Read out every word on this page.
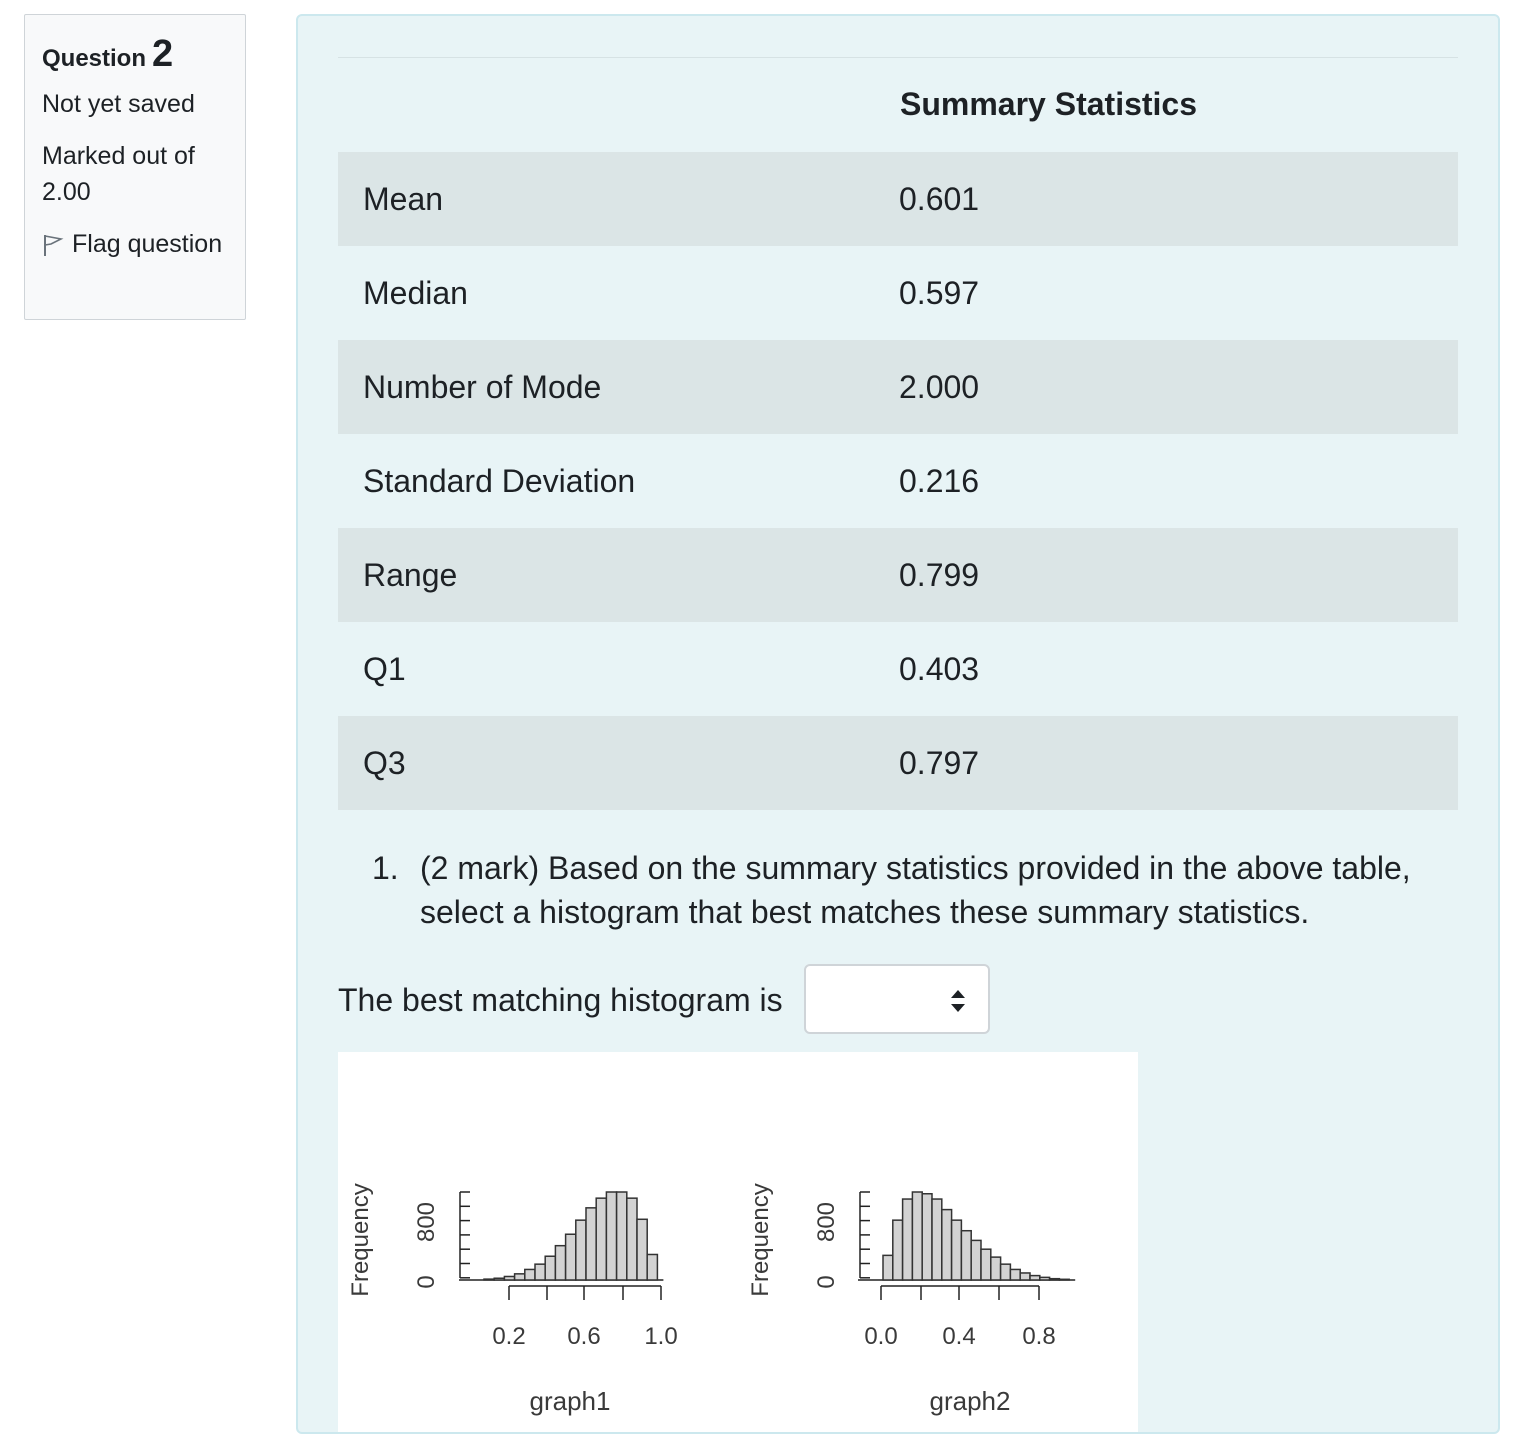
Question 2
Not yet saved
Marked out of 2.00
Flag question
Summary Statistics
Mean	0.601
Median	0.597
Number of Mode	2.000
Standard Deviation	0.216
Range	0.799
Q1	0.403
Q3	0.797
1. (2 mark) Based on the summary statistics provided in the above table, select a histogram that best matches these summary statistics.
The best matching histogram is
Frequency 0
800
0.2 0.6 1.0
graph1
Frequency 0
800
0.0 0.4 0.8
graph2
